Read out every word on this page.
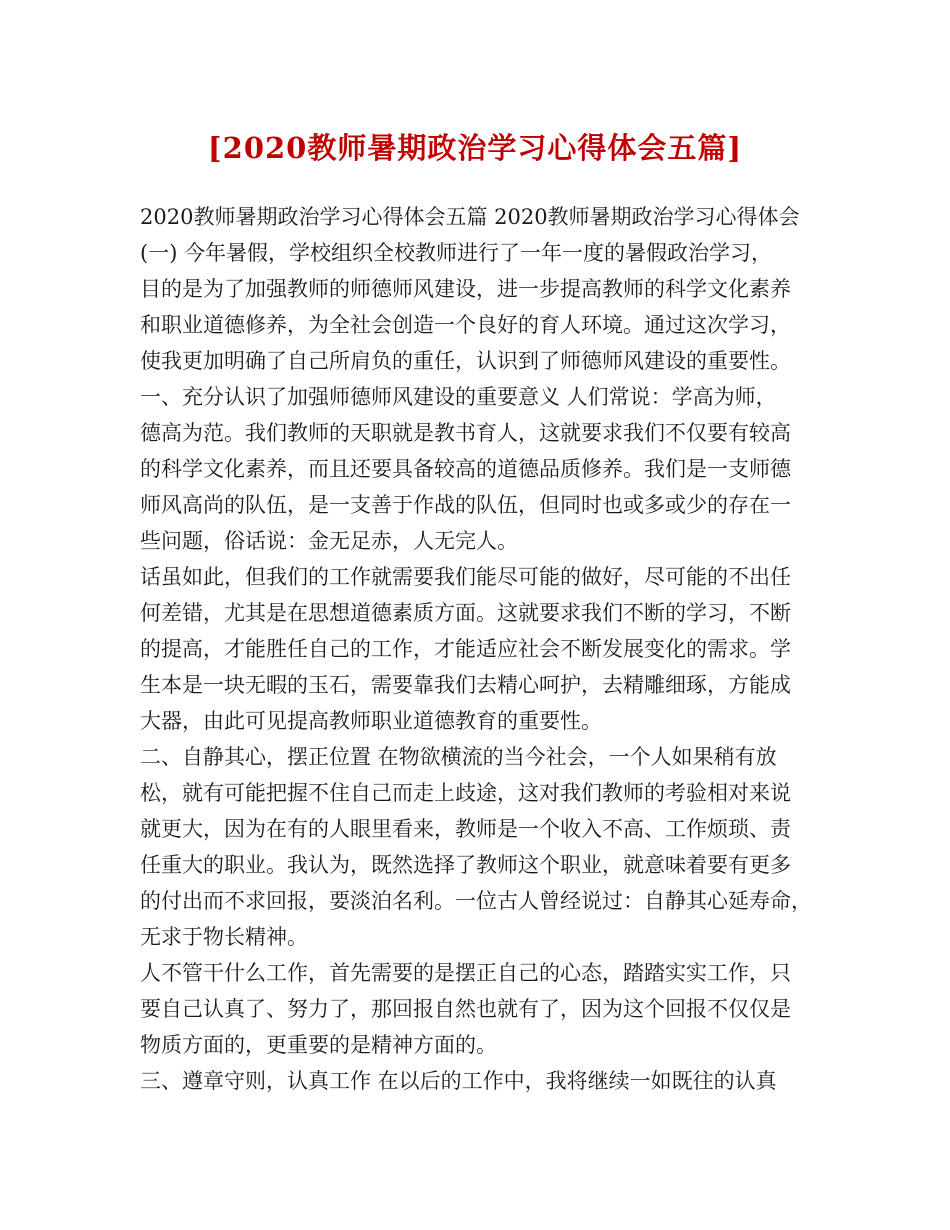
[2020教师暑期政治学习心得体会五篇]
2020教师暑期政治学习心得体会五篇 2020教师暑期政治学习心得体会
(一) 今年暑假，学校组织全校教师进行了一年一度的暑假政治学习，
目的是为了加强教师的师德师风建设，进一步提高教师的科学文化素养
和职业道德修养，为全社会创造一个良好的育人环境。通过这次学习，
使我更加明确了自己所肩负的重任，认识到了师德师风建设的重要性。
一、充分认识了加强师德师风建设的重要意义 人们常说：学高为师，
德高为范。我们教师的天职就是教书育人，这就要求我们不仅要有较高
的科学文化素养，而且还要具备较高的道德品质修养。我们是一支师德
师风高尚的队伍，是一支善于作战的队伍，但同时也或多或少的存在一
些问题，俗话说：金无足赤，人无完人。
话虽如此，但我们的工作就需要我们能尽可能的做好，尽可能的不出任
何差错，尤其是在思想道德素质方面。这就要求我们不断的学习，不断
的提高，才能胜任自己的工作，才能适应社会不断发展变化的需求。学
生本是一块无暇的玉石，需要靠我们去精心呵护，去精雕细琢，方能成
大器，由此可见提高教师职业道德教育的重要性。
二、自静其心，摆正位置 在物欲横流的当今社会，一个人如果稍有放
松，就有可能把握不住自己而走上歧途，这对我们教师的考验相对来说
就更大，因为在有的人眼里看来，教师是一个收入不高、工作烦琐、责
任重大的职业。我认为，既然选择了教师这个职业，就意味着要有更多
的付出而不求回报，要淡泊名利。一位古人曾经说过：自静其心延寿命，
无求于物长精神。
人不管干什么工作，首先需要的是摆正自己的心态，踏踏实实工作，只
要自己认真了、努力了，那回报自然也就有了，因为这个回报不仅仅是
物质方面的，更重要的是精神方面的。
三、遵章守则，认真工作 在以后的工作中，我将继续一如既往的认真
